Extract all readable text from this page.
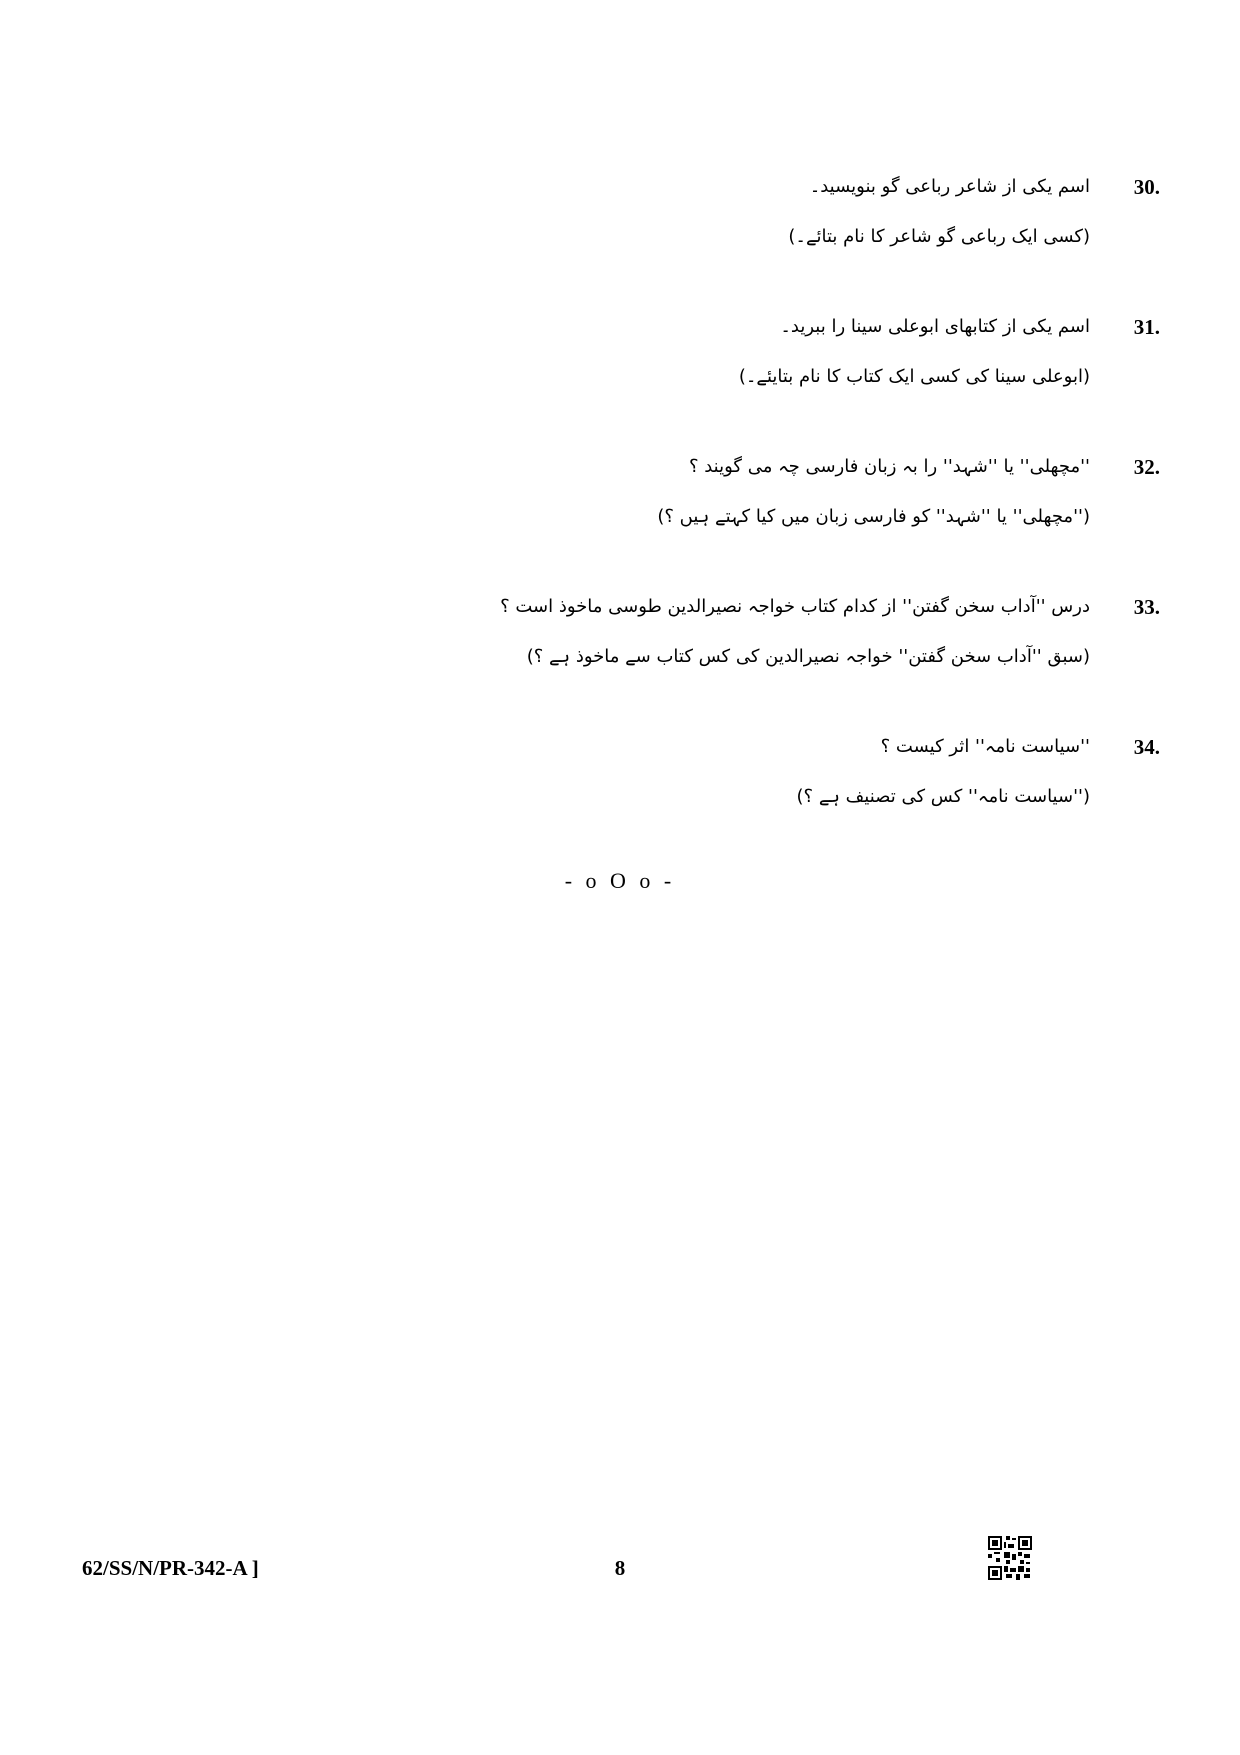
30.
اسم یکی از شاعر رباعی گو بنویسید۔
(کسی ایک رباعی گو شاعر کا نام بتائے۔)
31.
اسم یکی از کتابهای ابوعلی سینا را ببرید۔
(ابوعلی سینا کی کسی ایک کتاب کا نام بتایئے۔)
32.
''مچھلی'' یا ''شہد'' را بہ زبان فارسی چہ می گویند ؟
(''مچھلی'' یا ''شہد'' کو فارسی زبان میں کیا کہتے ہیں ؟)
33.
درس ''آداب سخن گفتن'' از کدام کتاب خواجہ نصیرالدین طوسی ماخوذ است ؟
(سبق ''آداب سخن گفتن'' خواجہ نصیرالدین کی کس کتاب سے ماخوذ ہے ؟)
34.
''سیاست نامہ'' اثر کیست ؟
(''سیاست نامہ'' کس کی تصنیف ہے ؟)
- o O o -
62/SS/N/PR-342-A ]	8
